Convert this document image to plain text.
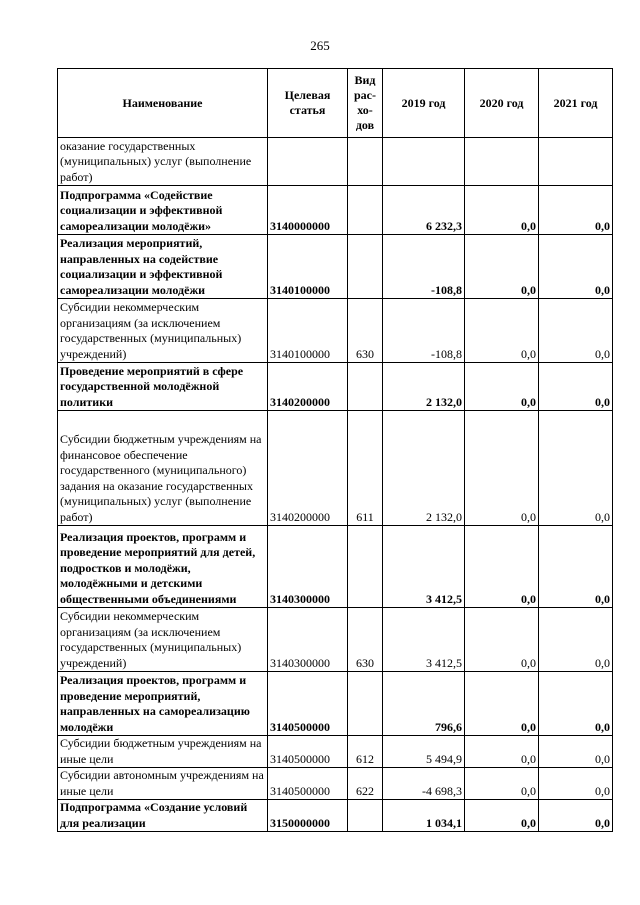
265
Наименование	Целевая статья	Вид рас-хо-дов	2019 год	2020 год	2021 год
оказание государственных (муниципальных) услуг (выполнение работ)					
Подпрограмма «Содействие социализации и эффективной самореализации молодёжи»	3140000000		6 232,3	0,0	0,0
Реализация мероприятий, направленных на содействие социализации и эффективной самореализации молодёжи	3140100000		-108,8	0,0	0,0
Субсидии некоммерческим организациям (за исключением государственных (муниципальных) учреждений)	3140100000	630	-108,8	0,0	0,0
Проведение мероприятий в сфере государственной молодёжной политики	3140200000		2 132,0	0,0	0,0
Субсидии бюджетным учреждениям на финансовое обеспечение государственного (муниципального) задания на оказание государственных (муниципальных) услуг (выполнение работ)	3140200000	611	2 132,0	0,0	0,0
Реализация проектов, программ и проведение мероприятий для детей, подростков и молодёжи, молодёжными и детскими общественными объединениями	3140300000		3 412,5	0,0	0,0
Субсидии некоммерческим организациям (за исключением государственных (муниципальных) учреждений)	3140300000	630	3 412,5	0,0	0,0
Реализация проектов, программ и проведение мероприятий, направленных на самореализацию молодёжи	3140500000		796,6	0,0	0,0
Субсидии бюджетным учреждениям на иные цели	3140500000	612	5 494,9	0,0	0,0
Субсидии автономным учреждениям на иные цели	3140500000	622	-4 698,3	0,0	0,0
Подпрограмма «Создание условий для реализации	3150000000		1 034,1	0,0	0,0
